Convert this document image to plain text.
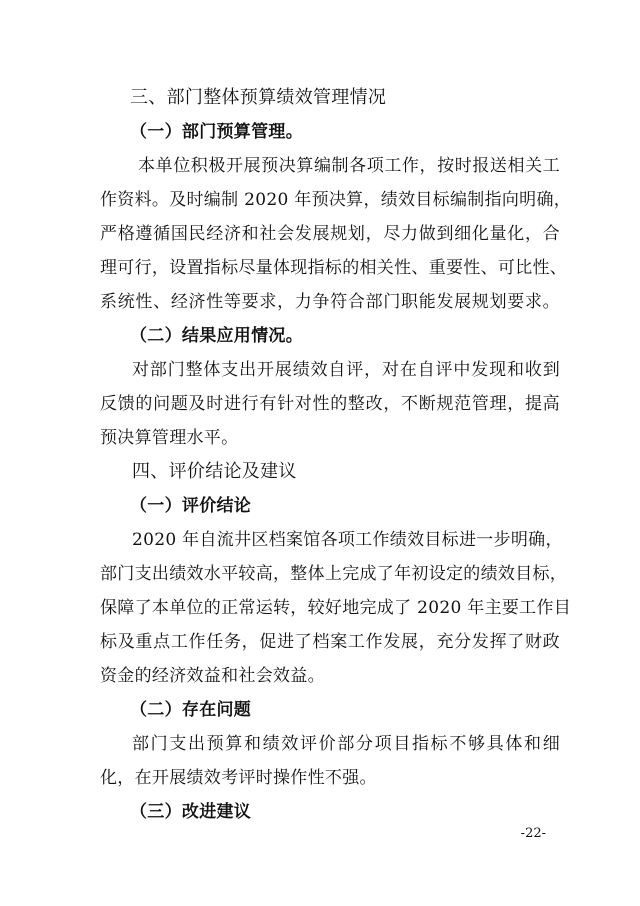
三、部门整体预算绩效管理情况
（一）部门预算管理。
本单位积极开展预决算编制各项工作，按时报送相关工
作资料。及时编制 2020 年预决算，绩效目标编制指向明确，
严格遵循国民经济和社会发展规划，尽力做到细化量化，合
理可行，设置指标尽量体现指标的相关性、重要性、可比性、
系统性、经济性等要求，力争符合部门职能发展规划要求。
（二）结果应用情况。
对部门整体支出开展绩效自评，对在自评中发现和收到
反馈的问题及时进行有针对性的整改，不断规范管理，提高
预决算管理水平。
四、评价结论及建议
（一）评价结论
2020 年自流井区档案馆各项工作绩效目标进一步明确，
部门支出绩效水平较高，整体上完成了年初设定的绩效目标，
保障了本单位的正常运转，较好地完成了 2020 年主要工作目
标及重点工作任务，促进了档案工作发展，充分发挥了财政
资金的经济效益和社会效益。
（二）存在问题
部门支出预算和绩效评价部分项目指标不够具体和细
化，在开展绩效考评时操作性不强。
（三）改进建议
-22-
